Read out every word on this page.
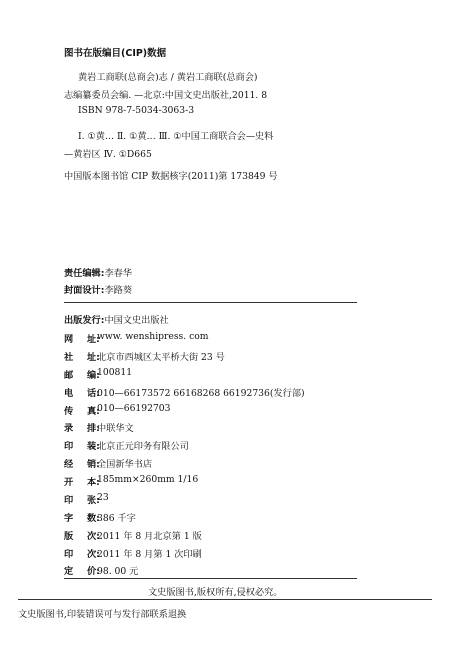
图书在版编目(CIP)数据
黄岩工商联(总商会)志 / 黄岩工商联(总商会)
志编纂委员会编. —北京:中国文史出版社,2011. 8
ISBN 978-7-5034-3063-3
Ⅰ. ①黄… Ⅱ. ①黄… Ⅲ. ①中国工商联合会—史料
—黄岩区 Ⅳ. ①D665
中国版本图书馆 CIP 数据核字(2011)第 173849 号
责任编辑:李春华
封面设计:李路葵
出版发行:中国文史出版社
网 址:
www. wenshipress. com
社 址:
北京市西城区太平桥大街 23 号
邮 编:
100811
电 话:
010—66173572 66168268 66192736(发行部)
传 真:
010—66192703
录 排:
中联华文
印 装:
北京正元印务有限公司
经 销:
全国新华书店
开 本:
185mm×260mm 1/16
印 张:
23
字 数:
386 千字
版 次:
2011 年 8 月北京第 1 版
印 次:
2011 年 8 月第 1 次印刷
定 价:
98. 00 元
文史版图书,版权所有,侵权必究。
文史版图书,印装错误可与发行部联系退换
